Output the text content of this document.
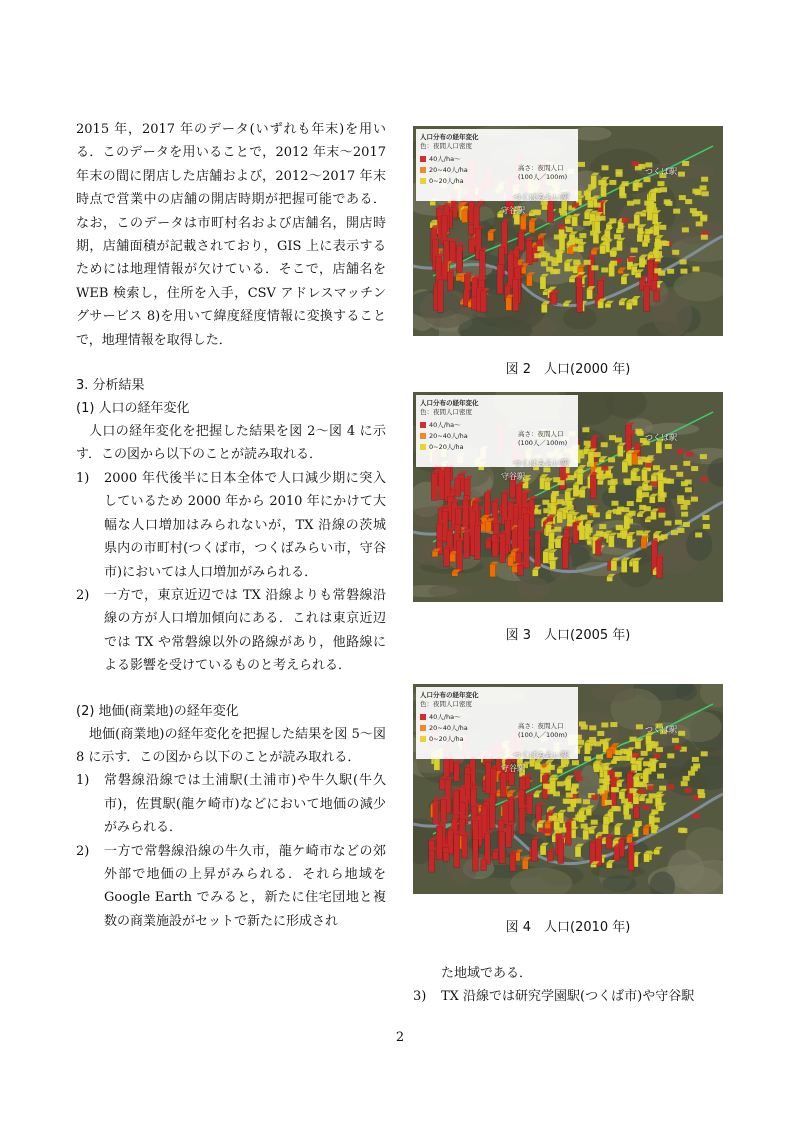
2015 年，2017 年のデータ(いずれも年末)を用いる．このデータを用いることで，2012 年末～2017 年末の間に閉店した店舗および，2012～2017 年末時点で営業中の店舗の開店時期が把握可能である．なお，このデータは市町村名および店舗名，開店時期，店舗面積が記載されており，GIS 上に表示するためには地理情報が欠けている．そこで，店舗名を WEB 検索し，住所を入手，CSV アドレスマッチングサービス 8)を用いて緯度経度情報に変換することで，地理情報を取得した．

3. 分析結果

(1) 人口の経年変化

人口の経年変化を把握した結果を図 2～図 4 に示す．この図から以下のことが読み取れる．

1)	2000 年代後半に日本全体で人口減少期に突入しているため 2000 年から 2010 年にかけて大幅な人口増加はみられないが，TX 沿線の茨城県内の市町村(つくば市，つくばみらい市，守谷市)においては人口増加がみられる．
2)	一方で，東京近辺では TX 沿線よりも常磐線沿線の方が人口増加傾向にある．これは東京近辺では TX や常磐線以外の路線があり，他路線による影響を受けているものと考えられる．

(2) 地価(商業地)の経年変化

地価(商業地)の経年変化を把握した結果を図 5～図 8 に示す．この図から以下のことが読み取れる．

1)	常磐線沿線では土浦駅(土浦市)や牛久駅(牛久市)，佐貫駅(龍ケ崎市)などにおいて地価の減少がみられる．
2)	一方で常磐線沿線の牛久市，龍ケ崎市などの郊外部で地価の上昇がみられる．それら地域を Google Earth でみると，新たに住宅団地と複数の商業施設がセットで新たに形成され
人口分布の経年変化
色：夜間人口密度
40人/ha～
20~40人/ha
0~20人/ha
高さ：夜間人口
(100人／100m)
つくば駅
つくばみらい駅
守谷駅
図 2　人口(2000 年)
人口分布の経年変化
色：夜間人口密度
40人/ha～
20~40人/ha
0~20人/ha
高さ：夜間人口
(100人／100m)
つくば駅
つくばみらい駅
守谷駅
図 3　人口(2005 年)
人口分布の経年変化
色：夜間人口密度
40人/ha～
20~40人/ha
0~20人/ha
高さ：夜間人口
(100人／100m)
つくば駅
つくばみらい駅
守谷駅
図 4　人口(2010 年)

た地域である．

3)	TX 沿線では研究学園駅(つくば市)や守谷駅
2
